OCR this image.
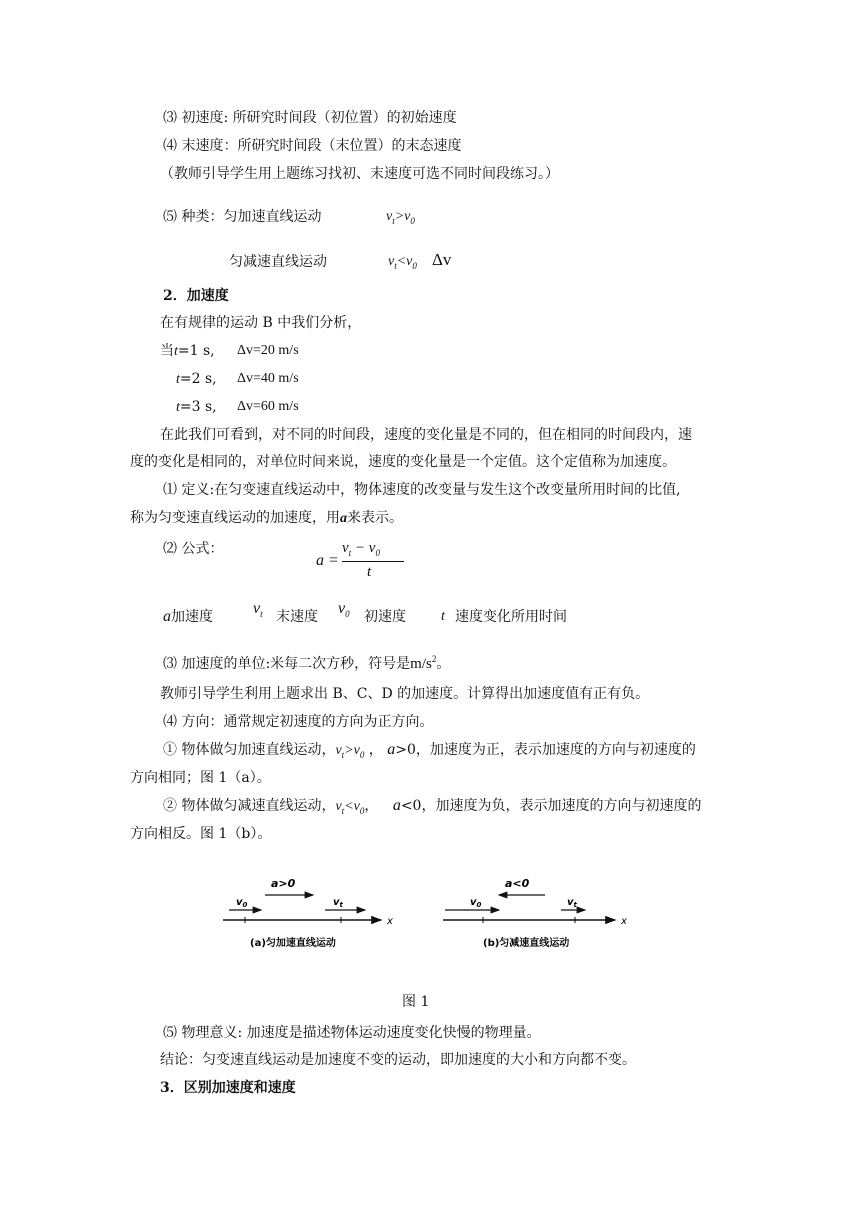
⑶ 初速度: 所研究时间段（初位置）的初始速度
⑷ 末速度：所研究时间段（末位置）的末态速度
（教师引导学生用上题练习找初、末速度可选不同时间段练习。）
⑸ 种类：匀加速直线运动	$v_t>v_0$
匀减速直线运动	$v_t<v_0$ Δv
2．加速度
在有规律的运动 B 中我们分析，
当t=1 s, Δv=20 m/s
t=2 s, Δv=40 m/s
t=3 s, Δv=60 m/s
在此我们可看到，对不同的时间段，速度的变化量是不同的，但在相同的时间段内，速
度的变化是相同的，对单位时间来说，速度的变化量是一个定值。这个定值称为加速度。
⑴ 定义:在匀变速直线运动中，物体速度的改变量与发生这个改变量所用时间的比值,
称为匀变速直线运动的加速度，用a来表示。
⑵ 公式：
a =
$v_t - v_0$
t
a加速度	$v_t$ 末速度 $v_0$ 初速度	t 速度变化所用时间
⑶ 加速度的单位:米每二次方秒，符号是$m/s^2$。
教师引导学生利用上题求出 B、C、D 的加速度。计算得出加速度值有正有负。
⑷ 方向：通常规定初速度的方向为正方向。
① 物体做匀加速直线运动，$v_t>v_0$ ， a>0，加速度为正，表示加速度的方向与初速度的
方向相同；图 1（a）。
② 物体做匀减速直线运动，$v_t<v_0$， a<0，加速度为负，表示加速度的方向与初速度的
方向相反。图 1（b）。
a>0
$v_0$	$v_t$
x
(a)匀加速直线运动
a<0
$v_0$	$v_t$
x
(b)匀减速直线运动
图 1
⑸ 物理意义: 加速度是描述物体运动速度变化快慢的物理量。
结论：匀变速直线运动是加速度不变的运动，即加速度的大小和方向都不变。
3．区别加速度和速度
